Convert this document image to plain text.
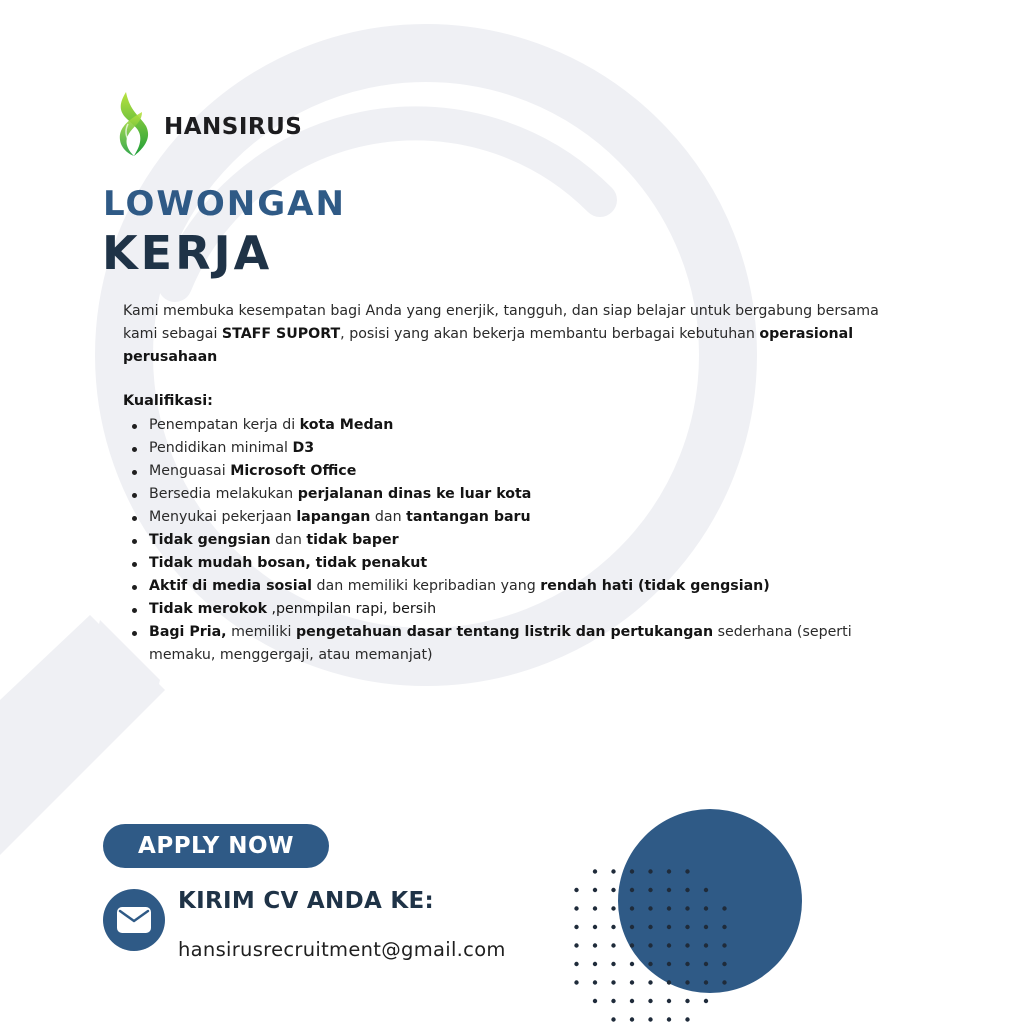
HANSIRUS
LOWONGAN
KERJA

Kami membuka kesempatan bagi Anda yang enerjik, tangguh, dan siap belajar untuk bergabung bersama kami sebagai STAFF SUPORT, posisi yang akan bekerja membantu berbagai kebutuhan operasional perusahaan

Kualifikasi:
Penempatan kerja di kota Medan
Pendidikan minimal D3
Menguasai Microsoft Office
Bersedia melakukan perjalanan dinas ke luar kota
Menyukai pekerjaan lapangan dan tantangan baru
Tidak gengsian dan tidak baper
Tidak mudah bosan, tidak penakut
Aktif di media sosial dan memiliki kepribadian yang rendah hati (tidak gengsian)
Tidak merokok ,penmpilan rapi, bersih
Bagi Pria, memiliki pengetahuan dasar tentang listrik dan pertukangan sederhana (seperti memaku, menggergaji, atau memanjat)
APPLY NOW
KIRIM CV ANDA KE:
hansirusrecruitment@gmail.com
